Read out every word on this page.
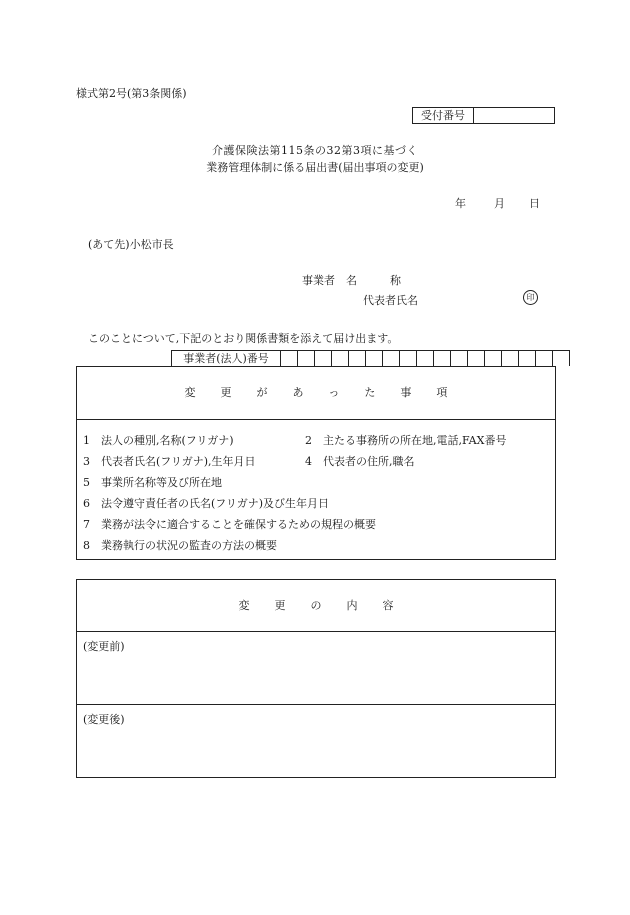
様式第2号(第3条関係)
受付番号
介護保険法第115条の32第3項に基づく
業務管理体制に係る届出書(届出事項の変更)
年	月 日
(あて先)小松市長
事業者　名　　　称
代表者氏名	印
このことについて,下記のとおり関係書類を添えて届け出ます。
事業者(法人)番号
変更があった事項
1　法人の種別,名称(フリガナ)	2　主たる事務所の所在地,電話,FAX番号
3　代表者氏名(フリガナ),生年月日	4　代表者の住所,職名
5　事業所名称等及び所在地
6　法令遵守責任者の氏名(フリガナ)及び生年月日
7　業務が法令に適合することを確保するための規程の概要
8　業務執行の状況の監査の方法の概要
変更の内容
(変更前)
(変更後)
